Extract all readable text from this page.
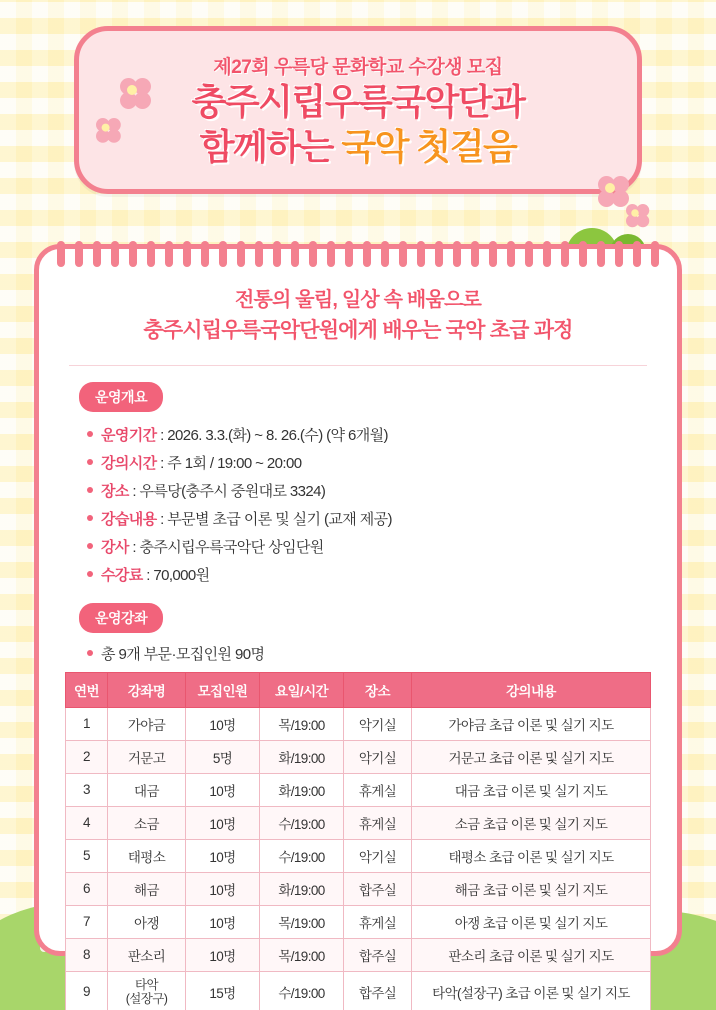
제27회 우륵당 문화학교 수강생 모집
충주시립우륵국악단과
함께하는 국악 첫걸음
전통의 울림, 일상 속 배움으로
충주시립우륵국악단원에게 배우는 국악 초급 과정
운영개요
운영기간 : 2026. 3.3.(화) ~ 8. 26.(수) (약 6개월)
강의시간 : 주 1회 / 19:00 ~ 20:00
장소 : 우륵당(충주시 중원대로 3324)
강습내용 : 부문별 초급 이론 및 실기 (교재 제공)
강사 : 충주시립우륵국악단 상임단원
수강료 : 70,000원
운영강좌
총 9개 부문·모집인원 90명
연번	강좌명	모집인원	요일/시간	장소	강의내용
1	가야금	10명	목/19:00	악기실	가야금 초급 이론 및 실기 지도
2	거문고	5명	화/19:00	악기실	거문고 초급 이론 및 실기 지도
3	대금	10명	화/19:00	휴게실	대금 초급 이론 및 실기 지도
4	소금	10명	수/19:00	휴게실	소금 초급 이론 및 실기 지도
5	태평소	10명	수/19:00	악기실	태평소 초급 이론 및 실기 지도
6	해금	10명	화/19:00	합주실	해금 초급 이론 및 실기 지도
7	아쟁	10명	목/19:00	휴게실	아쟁 초급 이론 및 실기 지도
8	판소리	10명	목/19:00	합주실	판소리 초급 이론 및 실기 지도
9	타악
(설장구)	15명	수/19:00	합주실	타악(설장구) 초급 이론 및 실기 지도
